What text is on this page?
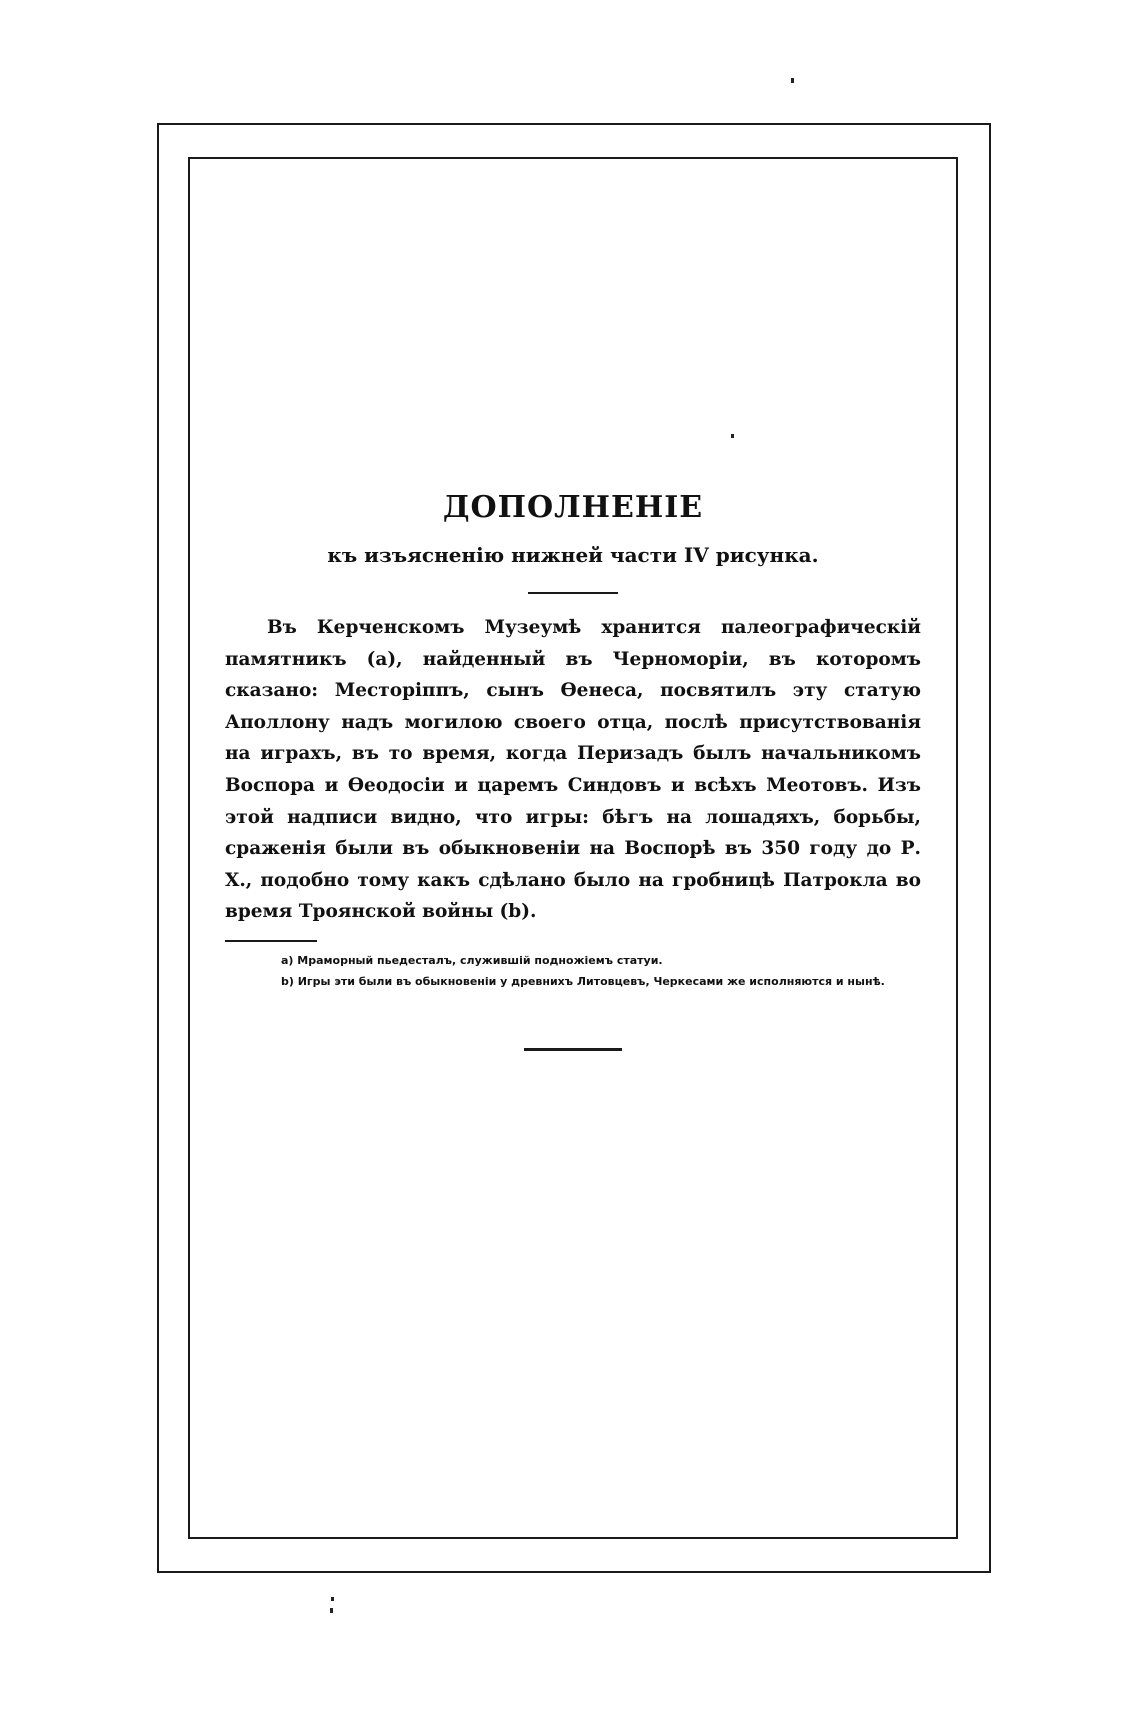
ДОПОЛНЕНІЕ
къ изъясненію нижней части IV рисунка.

Въ Керченскомъ Музеумѣ хранится палеографическій памятникъ (a), найденный въ Черноморіи, въ которомъ сказано: Месторіппъ, сынъ Өенеса, посвятилъ эту статую Аполлону надъ могилою своего отца, послѣ присутствованія на играхъ, въ то время, когда Перизадъ былъ начальникомъ Воспора и Өеодосіи и царемъ Синдовъ и всѣхъ Меотовъ. Изъ этой надписи видно, что игры: бѣгъ на лошадяхъ, борьбы, сраженія были въ обыкновеніи на Воспорѣ въ 350 году до Р. X., подобно тому какъ сдѣлано было на гробницѣ Патрокла во время Троянской войны (b).

a) Мраморный пьедесталъ, служившій подножіемъ статуи.
b) Игры эти были въ обыкновеніи у древнихъ Литовцевъ, Черкесами же исполняются и нынѣ.
